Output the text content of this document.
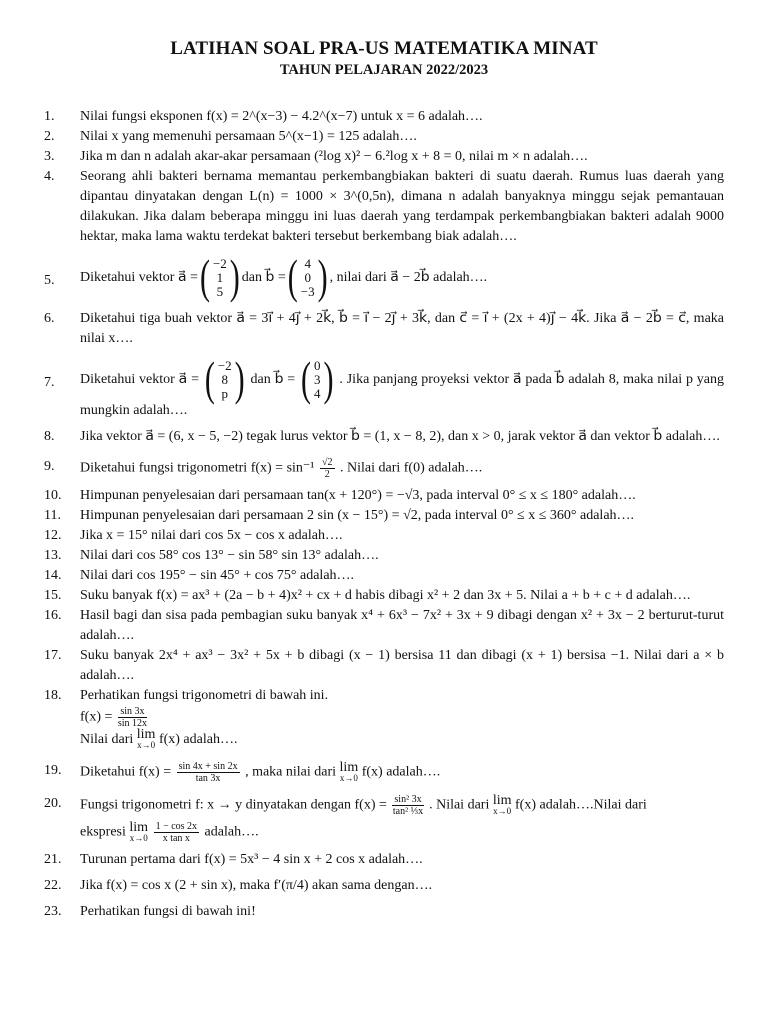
LATIHAN SOAL PRA-US MATEMATIKA MINAT
TAHUN PELAJARAN 2022/2023
1.	Nilai fungsi eksponen f(x) = 2^(x−3) − 4.2^(x−7) untuk x = 6 adalah….
2.	Nilai x yang memenuhi persamaan 5^(x−1) = 125 adalah….
3.	Jika m dan n adalah akar-akar persamaan (²log x)² − 6.²log x + 8 = 0, nilai m × n adalah….
4.	Seorang ahli bakteri bernama memantau perkembangbiakan bakteri di suatu daerah. Rumus luas daerah yang dipantau dinyatakan dengan L(n) = 1000 × 3^(0,5n), dimana n adalah banyaknya minggu sejak pemantauan dilakukan. Jika dalam beberapa minggu ini luas daerah yang terdampak perkembangbiakan bakteri adalah 9000 hektar, maka lama waktu terdekat bakteri tersebut berkembang biak adalah….
5.	Diketahui vektor a⃗ = ( −2
1
5 ) dan b⃗ = ( 4
0
−3 ) , nilai dari a⃗ − 2b⃗ adalah….
6.	Diketahui tiga buah vektor a⃗ = 3i⃗ + 4j⃗ + 2k⃗, b⃗ = i⃗ − 2j⃗ + 3k⃗, dan c⃗ = i⃗ + (2x + 4)j⃗ − 4k⃗. Jika a⃗ − 2b⃗ = c⃗, maka nilai x….
7.	Diketahui vektor a⃗ = ( −2
8
p ) dan b⃗ = ( 0
3
4 ) . Jika panjang proyeksi vektor a⃗ pada b⃗ adalah 8, maka nilai p yang mungkin adalah….
8.	Jika vektor a⃗ = (6, x − 5, −2) tegak lurus vektor b⃗ = (1, x − 8, 2), dan x > 0, jarak vektor a⃗ dan vektor b⃗ adalah….
9.	Diketahui fungsi trigonometri $f(x) = \sin^{-1} \frac{√2}{2}$ . Nilai dari f(0) adalah….
10.	Himpunan penyelesaian dari persamaan tan(x + 120°) = −√3, pada interval 0° ≤ x ≤ 180° adalah….
11.	Himpunan penyelesaian dari persamaan 2 sin (x − 15°) = √2, pada interval 0° ≤ x ≤ 360° adalah….
12.	Jika x = 15° nilai dari cos 5x − cos x adalah….
13.	Nilai dari cos 58° cos 13° − sin 58° sin 13° adalah….
14.	Nilai dari cos 195° − sin 45° + cos 75° adalah….
15.	Suku banyak f(x) = ax³ + (2a − b + 4)x² + cx + d habis dibagi x² + 2 dan 3x + 5. Nilai a + b + c + d adalah….
16.	Hasil bagi dan sisa pada pembagian suku banyak x⁴ + 6x³ − 7x² + 3x + 9 dibagi dengan x² + 3x − 2 berturut-turut adalah….
17.	Suku banyak 2x⁴ + ax³ − 3x² + 5x + b dibagi (x − 1) bersisa 11 dan dibagi (x + 1) bersisa −1. Nilai dari a × b adalah….
18.	Perhatikan fungsi trigonometri di bawah ini.
$f(x) = \frac{\sin 3x}{\sin 12x}$
Nilai dari lim
x→0 f(x) adalah….
19.	Diketahui $f(x) = \frac{\sin 4x + \sin 2x}{\tan 3x}$ , maka nilai dari lim
x→0 f(x) adalah….
20.	Fungsi trigonometri f: x → y dinyatakan dengan $f(x) = \frac{\text{sin² 3x}}{\text{tan² ⅓x}}$ . Nilai dari lim
x→0 f(x) adalah….Nilai dari
ekspresi lim
x→0
$\frac{1 - \cos 2x}{\text{x tan x}}$ adalah….
21.	Turunan pertama dari f(x) = 5x³ − 4 sin x + 2 cos x adalah….
22.	Jika f(x) = cos x (2 + sin x), maka f′(π/4) akan sama dengan….
23.	Perhatikan fungsi di bawah ini!
